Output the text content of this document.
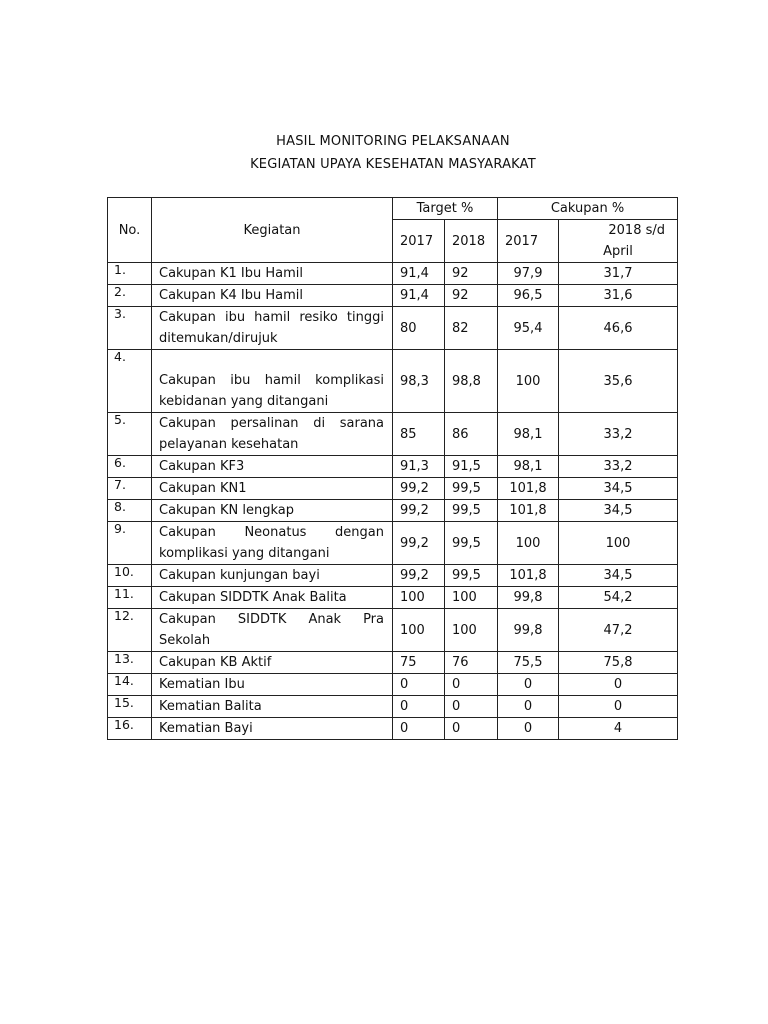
HASIL MONITORING PELAKSANAAN
KEGIATAN UPAYA KESEHATAN MASYARAKAT
No.	Kegiatan	Target %		Cakupan %	
		2017	2018	2017	2018 s/d
April

1.	Cakupan K1 Ibu Hamil	91,4	92	97,9	31,7
2.	Cakupan K4 Ibu Hamil	91,4	92	96,5	31,6
3.	Cakupan ibu hamil resiko tinggi ditemukan/dirujuk	80	82	95,4	46,6
4.	Cakupan ibu hamil komplikasi kebidanan yang ditangani	98,3	98,8	100	35,6
5.	Cakupan persalinan di sarana pelayanan kesehatan	85	86	98,1	33,2
6.	Cakupan KF3	91,3	91,5	98,1	33,2
7.	Cakupan KN1	99,2	99,5	101,8	34,5
8.	Cakupan KN lengkap	99,2	99,5	101,8	34,5
9.	Cakupan Neonatus dengan komplikasi yang ditangani	99,2	99,5	100	100
10.	Cakupan kunjungan bayi	99,2	99,5	101,8	34,5
11.	Cakupan SIDDTK Anak Balita	100	100	99,8	54,2
12.	Cakupan SIDDTK Anak Pra Sekolah	100	100	99,8	47,2
13.	Cakupan KB Aktif	75	76	75,5	75,8
14.	Kematian Ibu	0	0	0	0
15.	Kematian Balita	0	0	0	0
16.	Kematian Bayi	0	0	0	4
